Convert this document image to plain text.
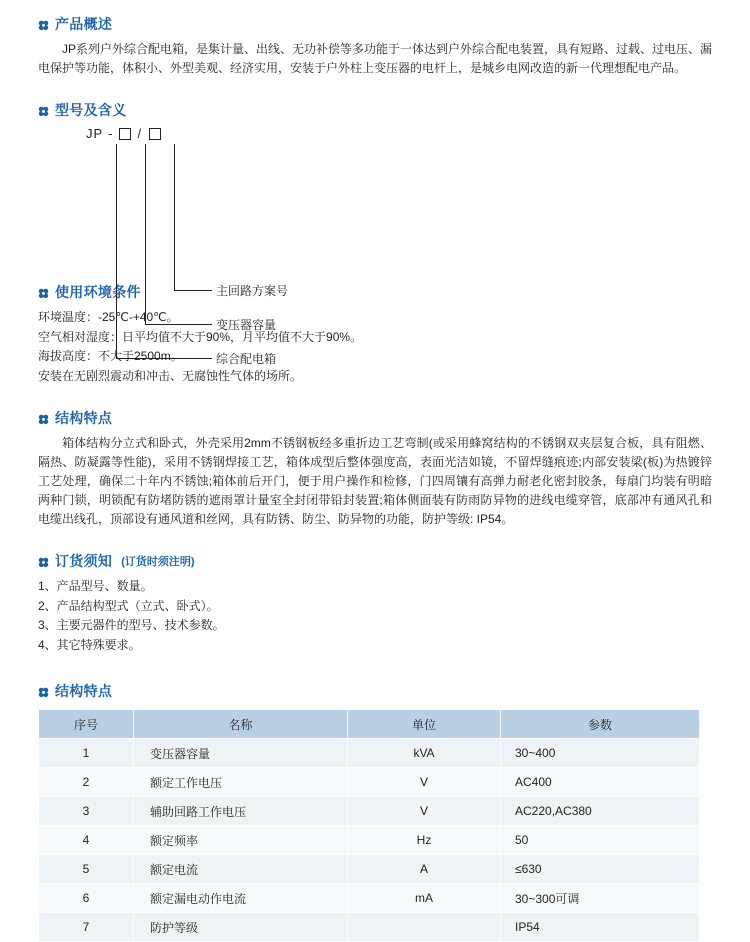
产品概述

JP系列户外综合配电箱，是集计量、出线、无功补偿等多功能于一体达到户外综合配电装置，具有短路、过载、过电压、漏电保护等功能，体积小、外型美观、经济实用，安装于户外柱上变压器的电杆上，是城乡电网改造的新一代理想配电产品。

型号及含义
JP - /
主回路方案号
变压器容量
综合配电箱
使用环境条件

环境温度：-25℃-+40℃。

空气相对湿度：日平均值不大于90%，月平均值不大于90%。

海拔高度：不大于2500m。

安装在无剧烈震动和冲击、无腐蚀性气体的场所。

结构特点

箱体结构分立式和卧式，外壳采用2mm不锈钢板经多重折边工艺弯制(或采用蜂窝结构的不锈钢双夹层复合板，具有阻燃、隔热、防凝露等性能)，采用不锈钢焊接工艺，箱体成型后整体强度高，表面光洁如镜，不留焊缝痕迹;内部安装梁(板)为热镀锌工艺处理，确保二十年内不锈蚀;箱体前后开门，便于用户操作和检修，门四周镶有高弹力耐老化密封胶条，每扇门均装有明暗两种门锁，明锁配有防堵防锈的遮雨罩计量室全封闭带铅封装置;箱体侧面装有防雨防异物的进线电缆穿管，底部冲有通风孔和电缆出线孔，顶部设有通风道和丝网，具有防锈、防尘、防异物的功能，防护等级: IP54。

订货须知 (订货时须注明)

1、产品型号、数量。

2、产品结构型式（立式、卧式）。

3、主要元器件的型号、技术参数。

4、其它特殊要求。

结构特点
序号	名称	单位	参数
1	变压器容量	kVA	30~400
2	额定工作电压	V	AC400
3	辅助回路工作电压	V	AC220,AC380
4	额定频率	Hz	50
5	额定电流	A	≤630
6	额定漏电动作电流	mA	30~300可调
7	防护等级		IP54
